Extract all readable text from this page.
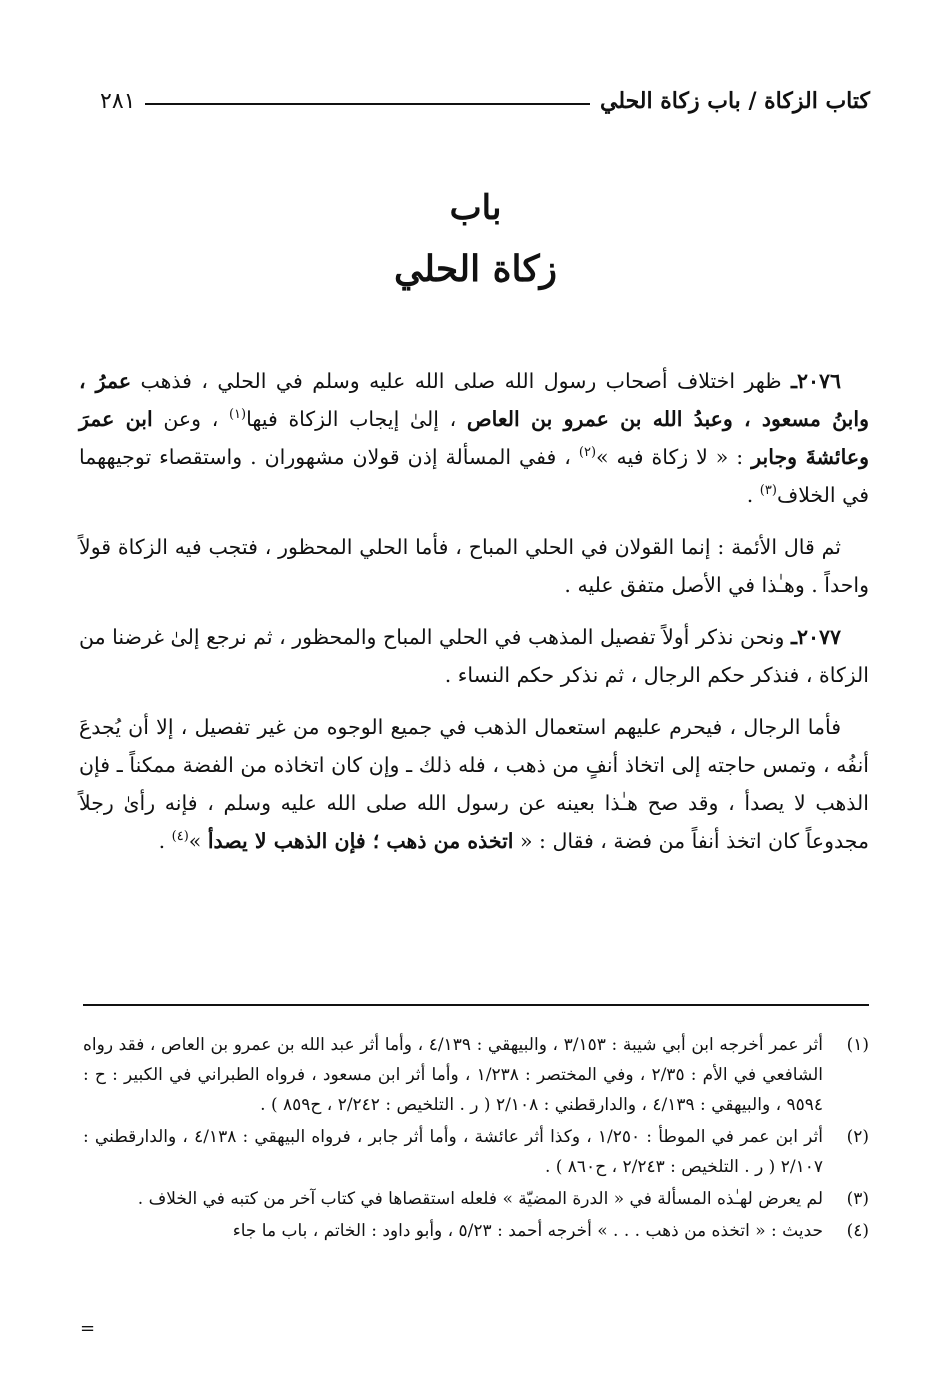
كتاب الزكاة / باب زكاة الحلي
٢٨١
باب
زكاة الحلي

٢٠٧٦ـ ظهر اختلاف أصحاب رسول الله صلى الله عليه وسلم في الحلي ، فذهب عمرُ ، وابنُ مسعود ، وعبدُ الله بن عمرو بن العاص ، إلىٰ إيجاب الزكاة فيها$^{(١)}$ ، وعن ابن عمرَ وعائشةَ وجابر : « لا زكاة فيه »$^{(٢)}$ ، ففي المسألة إذن قولان مشهوران . واستقصاء توجيههما في الخلاف$^{(٣)}$ .

ثم قال الأئمة : إنما القولان في الحلي المباح ، فأما الحلي المحظور ، فتجب فيه الزكاة قولاً واحداً . وهـٰذا في الأصل متفق عليه .

٢٠٧٧ـ ونحن نذكر أولاً تفصيل المذهب في الحلي المباح والمحظور ، ثم نرجع إلىٰ غرضنا من الزكاة ، فنذكر حكم الرجال ، ثم نذكر حكم النساء .

فأما الرجال ، فيحرم عليهم استعمال الذهب في جميع الوجوه من غير تفصيل ، إلا أن يُجدعَ أنفُه ، وتمس حاجته إلى اتخاذ أنفٍ من ذهب ، فله ذلك ـ وإن كان اتخاذه من الفضة ممكناً ـ فإن الذهب لا يصدأ ، وقد صح هـٰذا بعينه عن رسول الله صلى الله عليه وسلم ، فإنه رأىٰ رجلاً مجدوعاً كان اتخذ أنفاً من فضة ، فقال : « اتخذه من ذهب ؛ فإن الذهب لا يصدأ »$^{(٤)}$ .

(١)
أثر عمر أخرجه ابن أبي شيبة : ٣/١٥٣ ، والبيهقي : ٤/١٣٩ ، وأما أثر عبد الله بن عمرو بن العاص ، فقد رواه الشافعي في الأم : ٢/٣٥ ، وفي المختصر : ١/٢٣٨ ، وأما أثر ابن مسعود ، فرواه الطبراني في الكبير : ح : ٩٥٩٤ ، والبيهقي : ٤/١٣٩ ، والدارقطني : ٢/١٠٨ ( ر . التلخيص : ٢/٢٤٢ ، ح٨٥٩ ) .
(٢)
أثر ابن عمر في الموطأ : ١/٢٥٠ ، وكذا أثر عائشة ، وأما أثر جابر ، فرواه البيهقي : ٤/١٣٨ ، والدارقطني : ٢/١٠٧ ( ر . التلخيص : ٢/٢٤٣ ، ح٨٦٠ ) .
(٣)
لم يعرض لهـٰذه المسألة في « الدرة المضيّة » فلعله استقصاها في كتاب آخر من كتبه في الخلاف .
(٤)
حديث : « اتخذه من ذهب . . . » أخرجه أحمد : ٥/٢٣ ، وأبو داود : الخاتم ، باب ما جاء
=
